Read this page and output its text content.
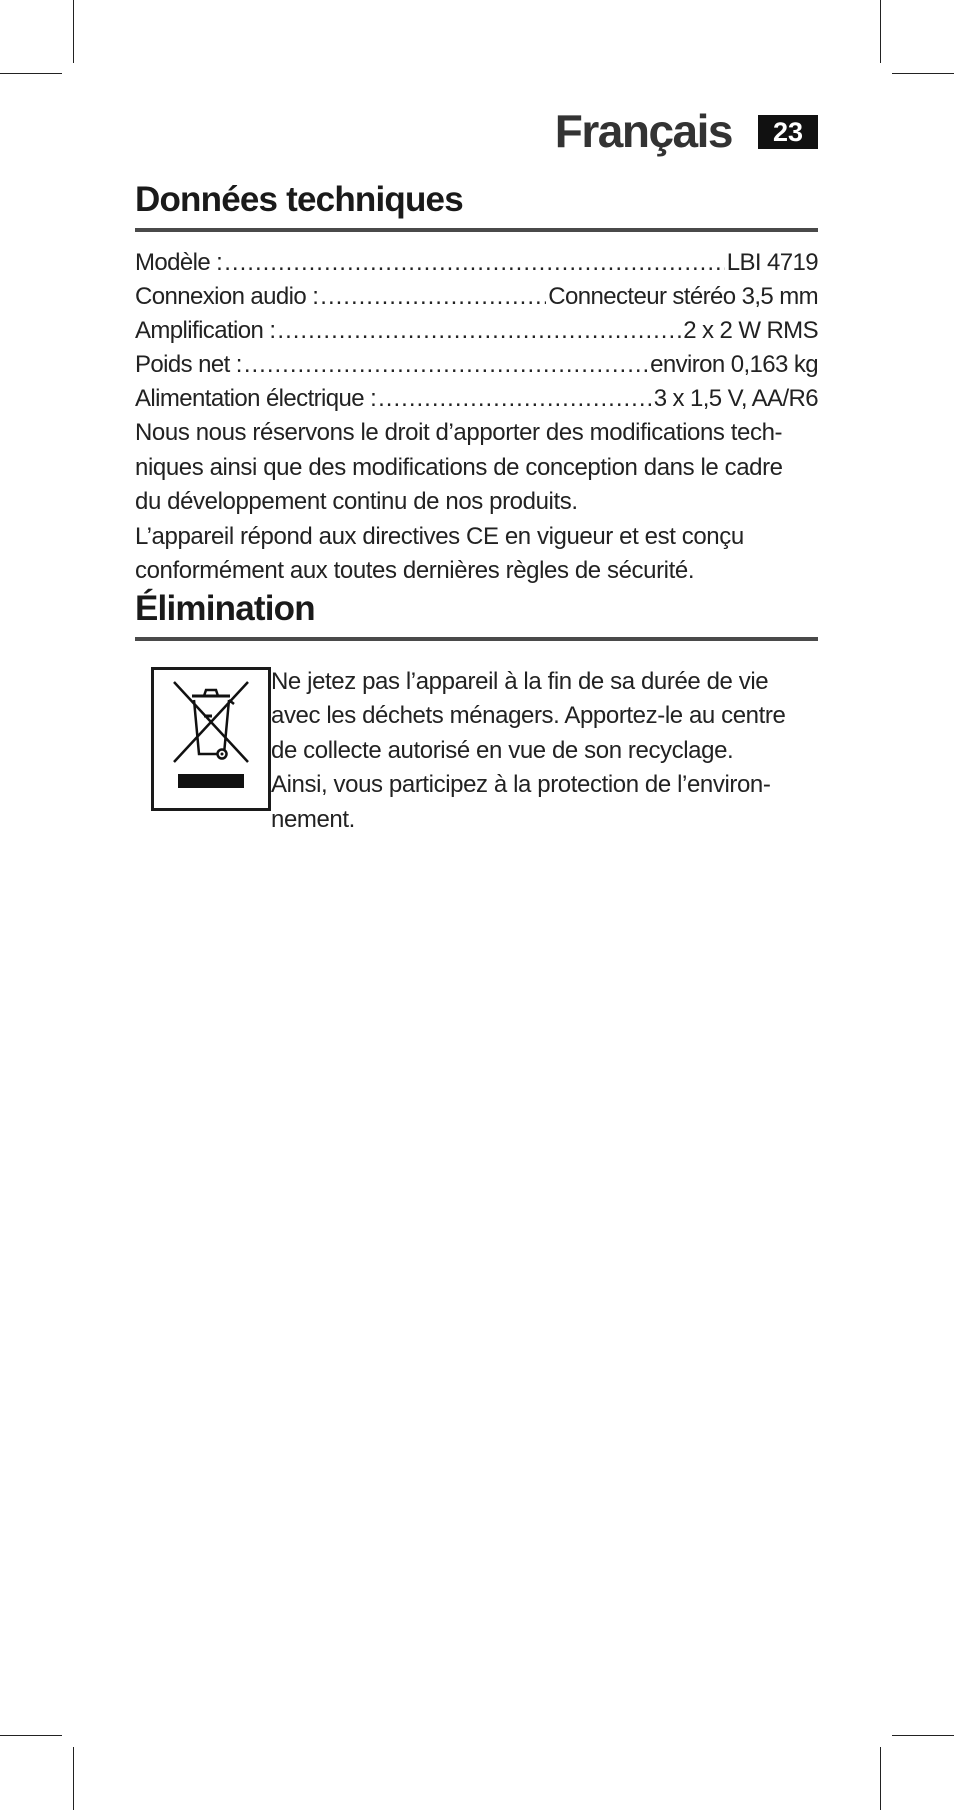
Français	23
Données techniques
Modèle : .....	LBI 4719
Connexion audio : .....	Connecteur stéréo 3,5 mm
Amplification : .....	2 x 2 W RMS
Poids net : .....	environ 0,163 kg
Alimentation électrique : .....	3 x 1,5 V, AA/R6

Nous nous réservons le droit d’apporter des modifications tech-
niques ainsi que des modifications de conception dans le cadre
du développement continu de nos produits.

L’appareil répond aux directives CE en vigueur et est conçu
conformément aux toutes dernières règles de sécurité.

Élimination

Ne jetez pas l’appareil à la fin de sa durée de vie
avec les déchets ménagers. Apportez-le au centre
de collecte autorisé en vue de son recyclage.
Ainsi, vous participez à la protection de l’environ-
nement.
